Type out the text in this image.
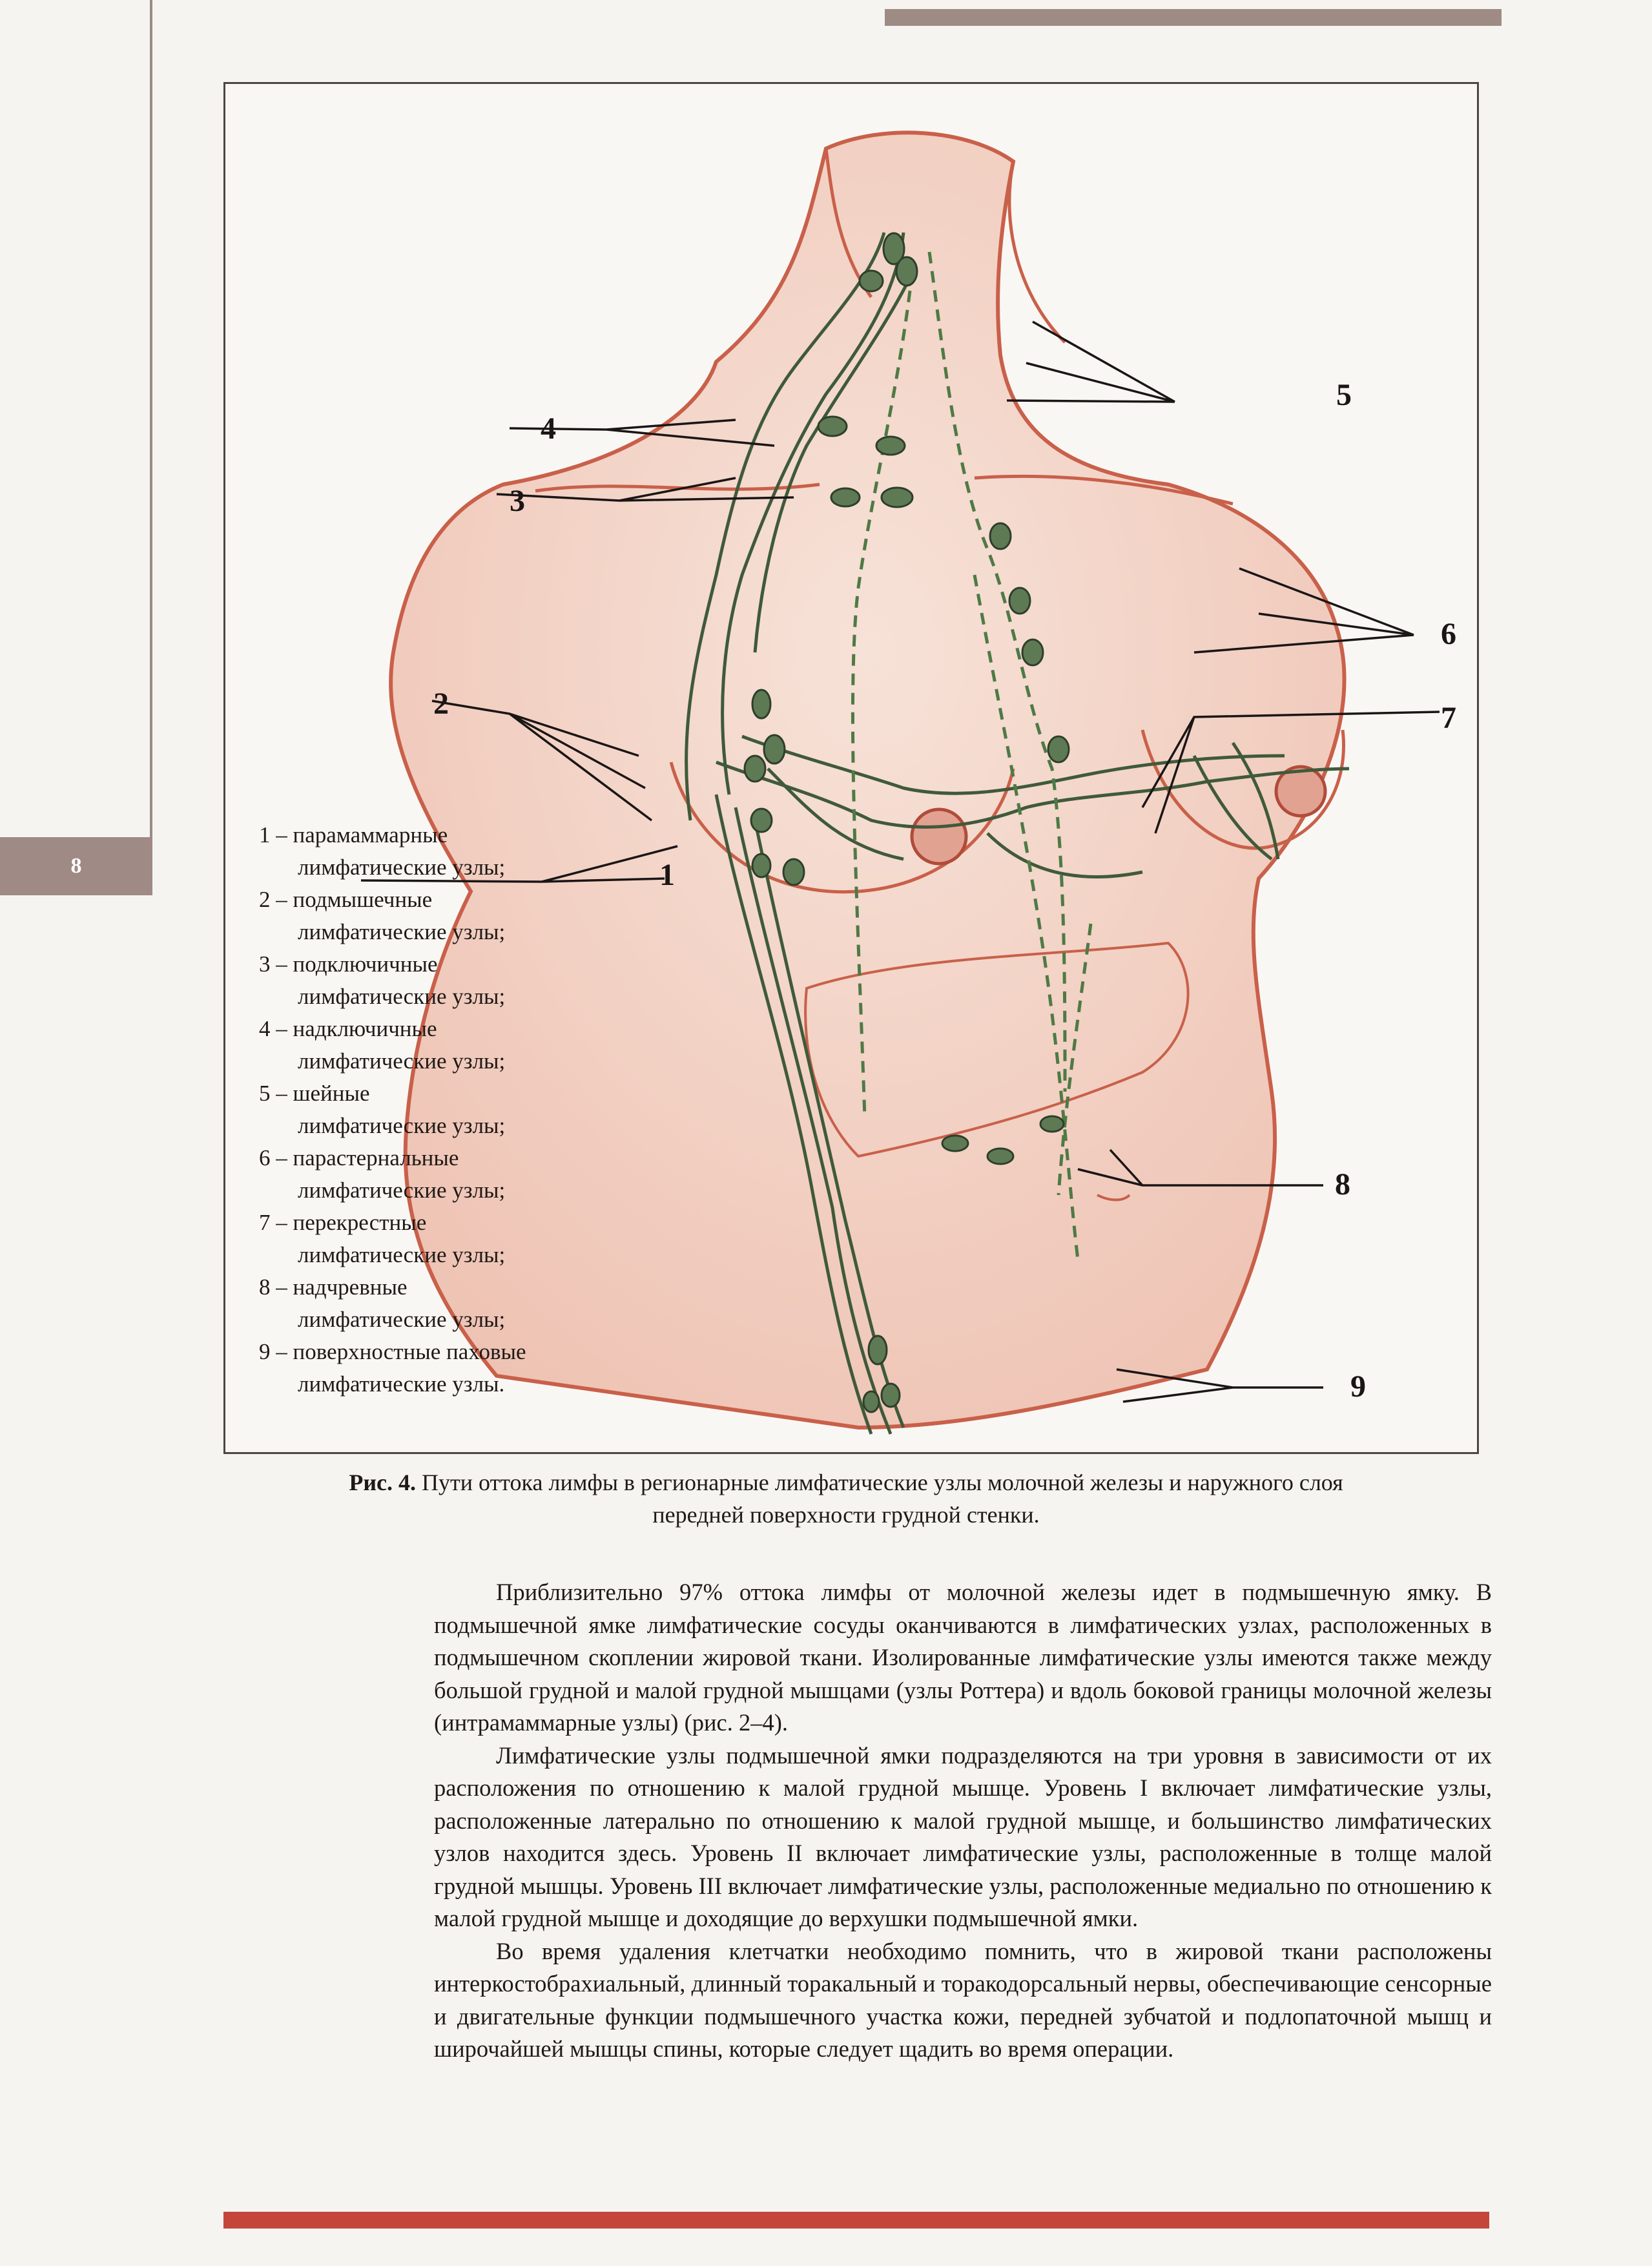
8	1
2
3
4
5
6
7
8
9
1 – парамаммарные
лимфатические узлы;
2 – подмышечные
лимфатические узлы;
3 – подключичные
лимфатические узлы;
4 – надключичные
лимфатические узлы;
5 – шейные
лимфатические узлы;
6 – парастернальные
лимфатические узлы;
7 – перекрестные
лимфатические узлы;
8 – надчревные
лимфатические узлы;
9 – поверхностные паховые
лимфатические узлы.
Рис. 4. Пути оттока лимфы в регионарные лимфатические узлы молочной железы и наружного слоя
передней поверхности грудной стенки.

Приблизительно 97% оттока лимфы от молочной железы идет в подмышечную ямку. В подмышечной ямке лимфатические сосуды оканчиваются в лимфатических узлах, расположенных в подмышечном скоплении жировой ткани. Изолированные лимфатические узлы имеются также между большой грудной и малой грудной мышцами (узлы Роттера) и вдоль боковой границы молочной железы (интрамаммарные узлы) (рис. 2–4).

Лимфатические узлы подмышечной ямки подразделяются на три уровня в зависимости от их расположения по отношению к малой грудной мышце. Уровень I включает лимфатические узлы, расположенные латерально по отношению к малой грудной мышце, и большинство лимфатических узлов находится здесь. Уровень II включает лимфатические узлы, расположенные в толще малой грудной мышцы. Уровень III включает лимфатические узлы, расположенные медиально по отношению к малой грудной мышце и доходящие до верхушки подмышечной ямки.

Во время удаления клетчатки необходимо помнить, что в жировой ткани расположены интеркостобрахиальный, длинный торакальный и торакодорсальный нервы, обеспечивающие сенсорные и двигательные функции подмышечного участка кожи, передней зубчатой и подлопаточной мышц и широчайшей мышцы спины, которые следует щадить во время операции.
